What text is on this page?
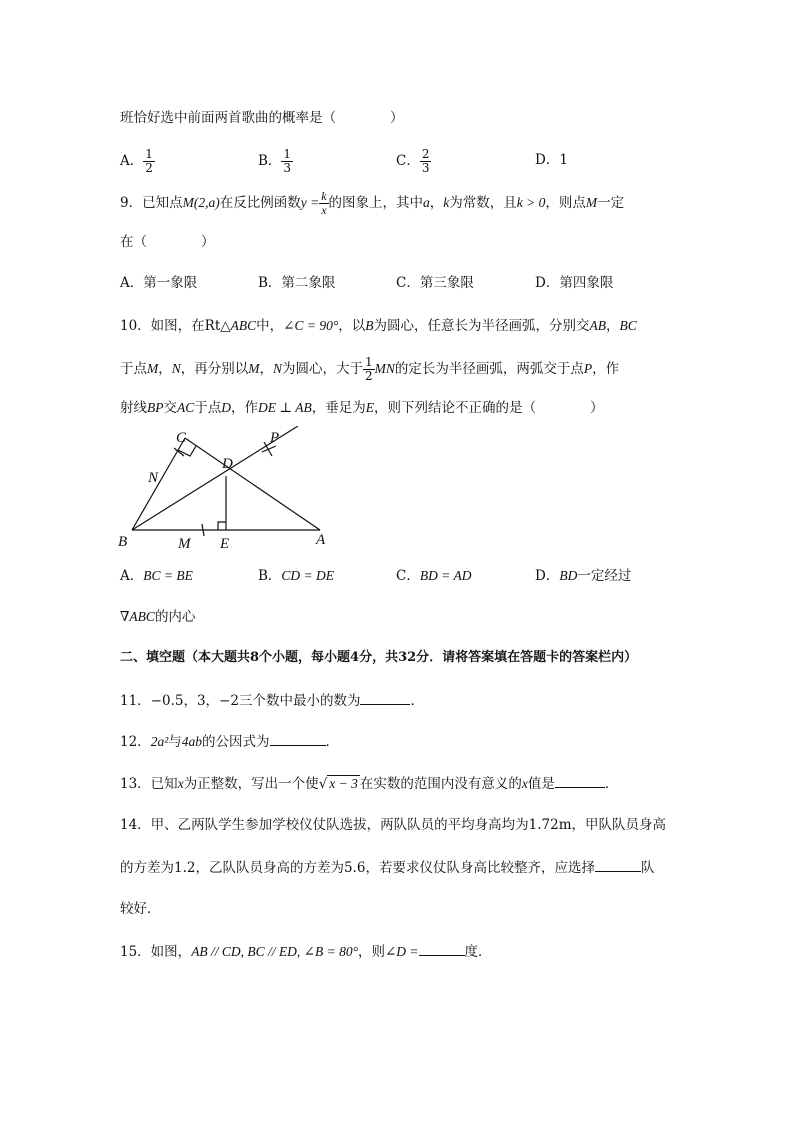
班恰好选中前面两首歌曲的概率是（　　　　）
A． $\frac{1}{2}$	B． $\frac{1}{3}$	C． $\frac{2}{3}$	D．1
9．已知点M(2,a)在反比例函数$y = \frac{k}{x}$ 的图象上，其中a，k为常数，且k > 0，则点M一定
在（　　　　）
A．第一象限	B．第二象限	C．第三象限	D．第四象限
10．如图，在Rt△ABC中，∠C = 90°，以B为圆心，任意长为半径画弧，分别交AB，BC
于点M，N，再分别以M，N为圆心，大于 $\frac{1}{2}$ MN的定长为半径画弧，两弧交于点P，作
射线BP交AC于点D，作DE ⊥ AB，垂足为E，则下列结论不正确的是（　　　　）
C
D
P
N
B	M E	A
A．BC = BE	B．CD = DE	C．BD = AD	D．BD一定经过
∇ABC的内心
二、填空题（本大题共8个小题，每小题4分，共32分．请将答案填在答题卡的答案栏内）
11．−0.5，3，−2三个数中最小的数为	．
12．2a²与4ab的公因式为	．
13．已知x为正整数，写出一个使√ x − 3 在实数的范围内没有意义的x值是	．
14．甲、乙两队学生参加学校仪仗队选拔，两队队员的平均身高均为1.72m，甲队队员身高
的方差为1.2，乙队队员身高的方差为5.6，若要求仪仗队身高比较整齐，应选择	队
较好．
15．如图，AB // CD, BC // ED, ∠B = 80°，则∠D =	度．
